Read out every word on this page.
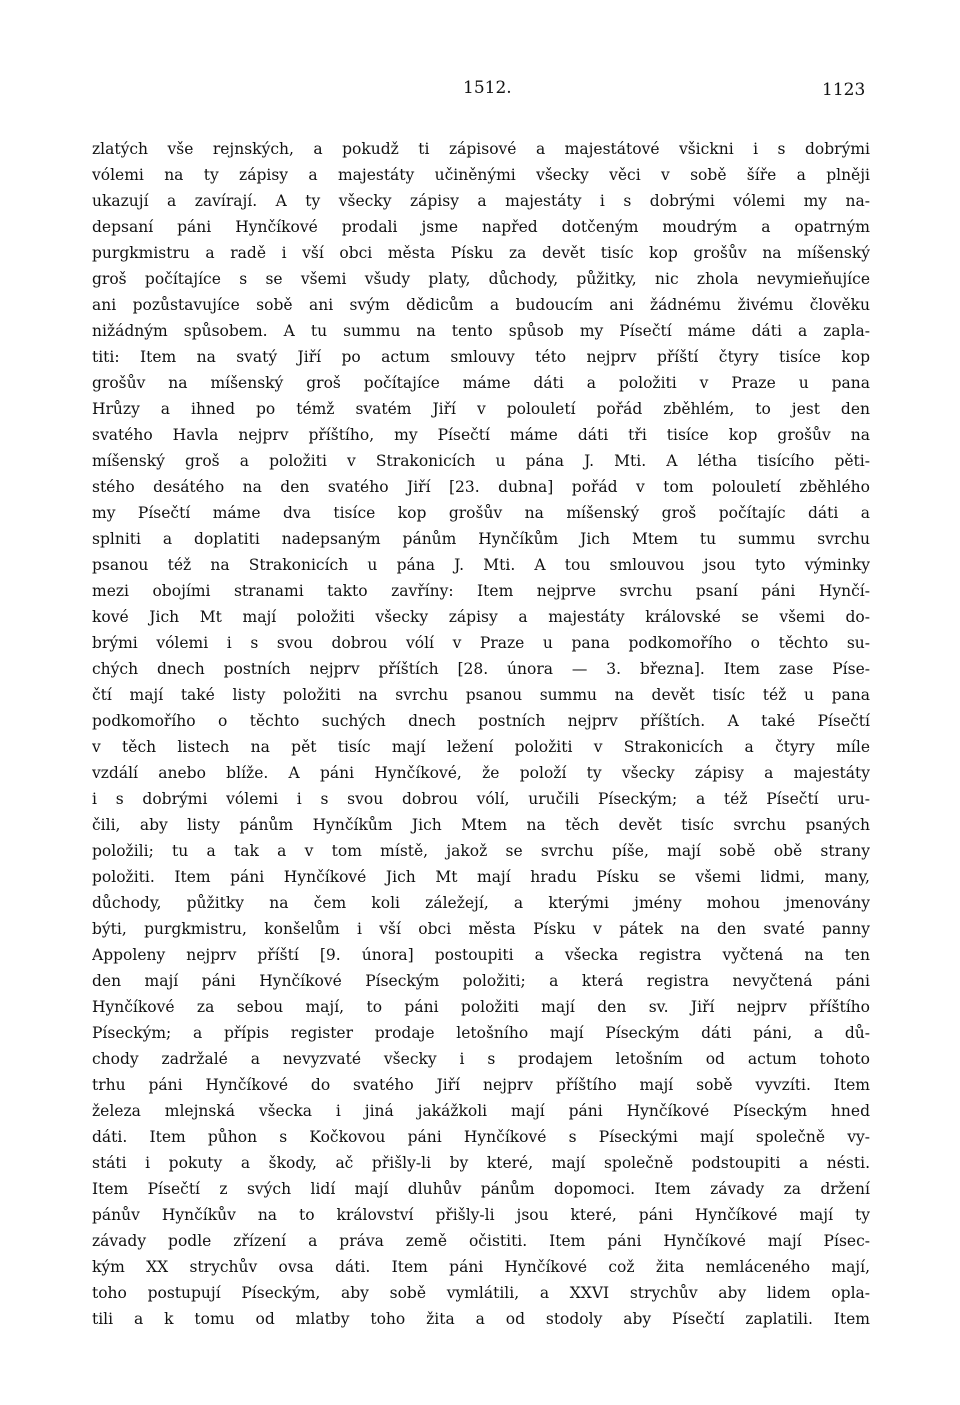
1512.	1123
zlatých vše rejnských, a pokudž ti zápisové a majestátové všickni i s dobrými
vólemi na ty zápisy a majestáty učiněnými všecky věci v sobě šíře a plněji
ukazují a zavírají. A ty všecky zápisy a majestáty i s dobrými vólemi my na-
depsaní páni Hynčíkové prodali jsme napřed dotčeným moudrým a opatrným
purgkmistru a radě i vší obci města Písku za devět tisíc kop grošův na míšenský
groš počítajíce s se všemi všudy platy, důchody, půžitky, nic zhola nevymieňujíce
ani pozůstavujíce sobě ani svým dědicům a budoucím ani žádnému živému člověku
nižádným spůsobem. A tu summu na tento spůsob my Písečtí máme dáti a zapla-
titi: Item na svatý Jiří po actum smlouvy této nejprv příští čtyry tisíce kop
grošův na míšenský groš počítajíce máme dáti a položiti v Praze u pana
Hrůzy a ihned po témž svatém Jiří v polouletí pořád zběhlém, to jest den
svatého Havla nejprv příštího, my Písečtí máme dáti tři tisíce kop grošův na
míšenský groš a položiti v Strakonicích u pána J. Mti. A létha tisícího pěti-
stého desátého na den svatého Jiří [23. dubna] pořád v tom polouletí zběhlého
my Písečtí máme dva tisíce kop grošův na míšenský groš počítajíc dáti a
splniti a doplatiti nadepsaným pánům Hynčíkům Jich Mtem tu summu svrchu
psanou též na Strakonicích u pána J. Mti. A tou smlouvou jsou tyto výminky
mezi obojími stranami takto zavříny: Item nejprve svrchu psaní páni Hynčí-
kové Jich Mt mají položiti všecky zápisy a majestáty královské se všemi do-
brými vólemi i s svou dobrou vólí v Praze u pana podkomořího o těchto su-
chých dnech postních nejprv příštích [28. února — 3. března]. Item zase Píse-
čtí mají také listy položiti na svrchu psanou summu na devět tisíc též u pana
podkomořího o těchto suchých dnech postních nejprv příštích. A také Písečtí
v těch listech na pět tisíc mají ležení položiti v Strakonicích a čtyry míle
vzdálí anebo blíže. A páni Hynčíkové, že položí ty všecky zápisy a majestáty
i s dobrými vólemi i s svou dobrou vólí, uručili Píseckým; a též Písečtí uru-
čili, aby listy pánům Hynčíkům Jich Mtem na těch devět tisíc svrchu psaných
položili; tu a tak a v tom místě, jakož se svrchu píše, mají sobě obě strany
položiti. Item páni Hynčíkové Jich Mt mají hradu Písku se všemi lidmi, many,
důchody, půžitky na čem koli záležejí, a kterými jmény mohou jmenovány
býti, purgkmistru, konšelům i vší obci města Písku v pátek na den svaté panny
Appoleny nejprv příští [9. února] postoupiti a všecka registra vyčtená na ten
den mají páni Hynčíkové Píseckým položiti; a která registra nevyčtená páni
Hynčíkové za sebou mají, to páni položiti mají den sv. Jiří nejprv příštího
Píseckým; a přípis register prodaje letošního mají Píseckým dáti páni, a dů-
chody zadržalé a nevyzvaté všecky i s prodajem letošním od actum tohoto
trhu páni Hynčíkové do svatého Jiří nejprv příštího mají sobě vyvzíti. Item
železa mlejnská všecka i jiná jakážkoli mají páni Hynčíkové Píseckým hned
dáti. Item půhon s Kočkovou páni Hynčíkové s Píseckými mají společně vy-
státi i pokuty a škody, ač přišly-li by které, mají společně podstoupiti a nésti.
Item Písečtí z svých lidí mají dluhův pánům dopomoci. Item závady za držení
pánův Hynčíkův na to království přišly-li jsou které, páni Hynčíkové mají ty
závady podle zřízení a práva země očistiti. Item páni Hynčíkové mají Písec-
kým XX strychův ovsa dáti. Item páni Hynčíkové což žita nemláceného mají,
toho postupují Píseckým, aby sobě vymlátili, a XXVI strychův aby lidem opla-
tili a k tomu od mlatby toho žita a od stodoly aby Písečtí zaplatili. Item
